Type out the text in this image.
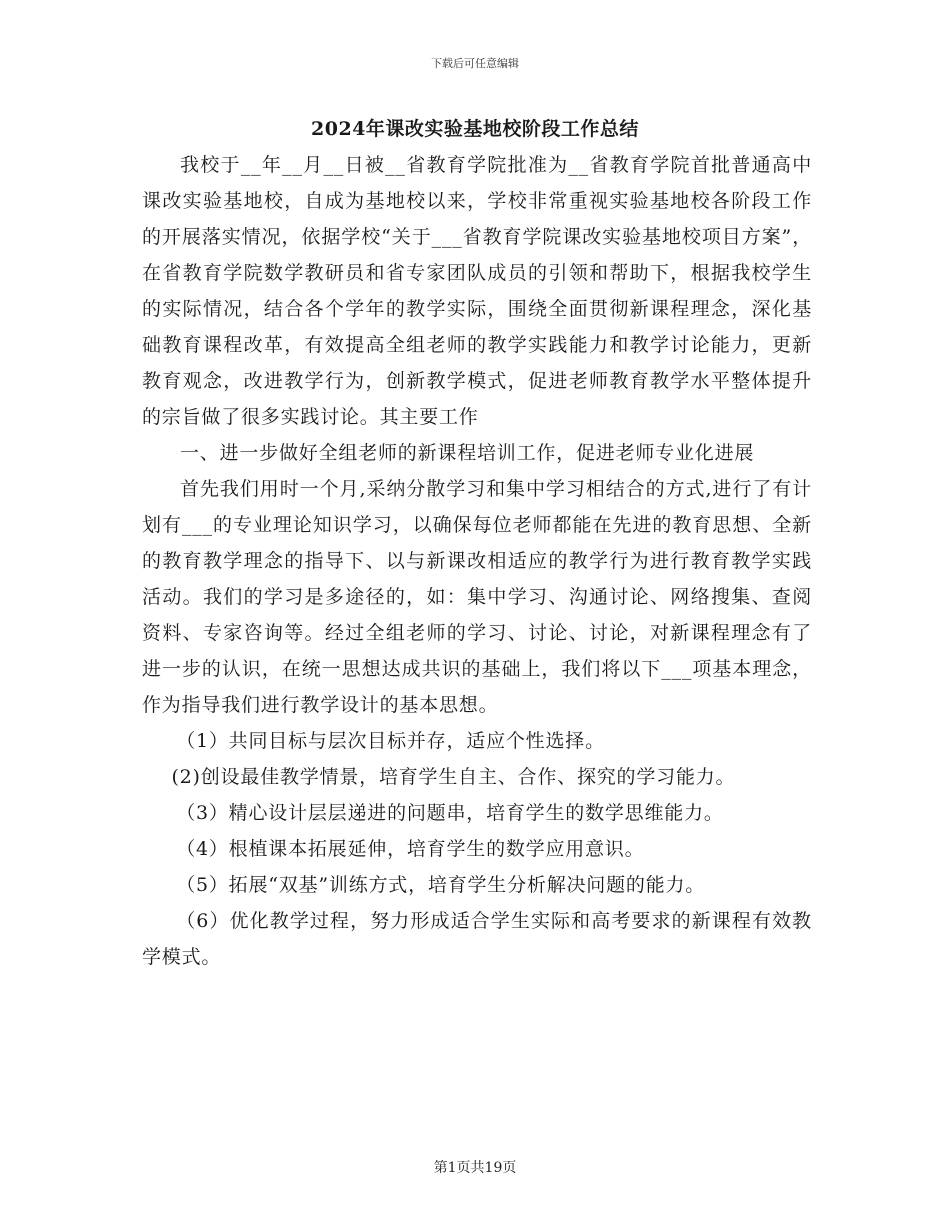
下载后可任意编辑
2024年课改实验基地校阶段工作总结

我校于__年__月__日被__省教育学院批准为__省教育学院首批普通高中课改实验基地校，自成为基地校以来，学校非常重视实验基地校各阶段工作的开展落实情况，依据学校“关于___省教育学院课改实验基地校项目方案”，在省教育学院数学教研员和省专家团队成员的引领和帮助下，根据我校学生的实际情况，结合各个学年的教学实际，围绕全面贯彻新课程理念，深化基础教育课程改革，有效提高全组老师的教学实践能力和教学讨论能力，更新教育观念，改进教学行为，创新教学模式，促进老师教育教学水平整体提升的宗旨做了很多实践讨论。其主要工作

一、进一步做好全组老师的新课程培训工作，促进老师专业化进展

首先我们用时一个月,采纳分散学习和集中学习相结合的方式,进行了有计划有___的专业理论知识学习，以确保每位老师都能在先进的教育思想、全新的教育教学理念的指导下、以与新课改相适应的教学行为进行教育教学实践活动。我们的学习是多途径的，如：集中学习、沟通讨论、网络搜集、查阅资料、专家咨询等。经过全组老师的学习、讨论、讨论，对新课程理念有了进一步的认识，在统一思想达成共识的基础上，我们将以下___项基本理念，作为指导我们进行教学设计的基本思想。

（1）共同目标与层次目标并存，适应个性选择。

(2)创设最佳教学情景，培育学生自主、合作、探究的学习能力。

（3）精心设计层层递进的问题串，培育学生的数学思维能力。

（4）根植课本拓展延伸，培育学生的数学应用意识。

（5）拓展“双基”训练方式，培育学生分析解决问题的能力。

（6）优化教学过程，努力形成适合学生实际和高考要求的新课程有效教学模式。

第1页共19页
